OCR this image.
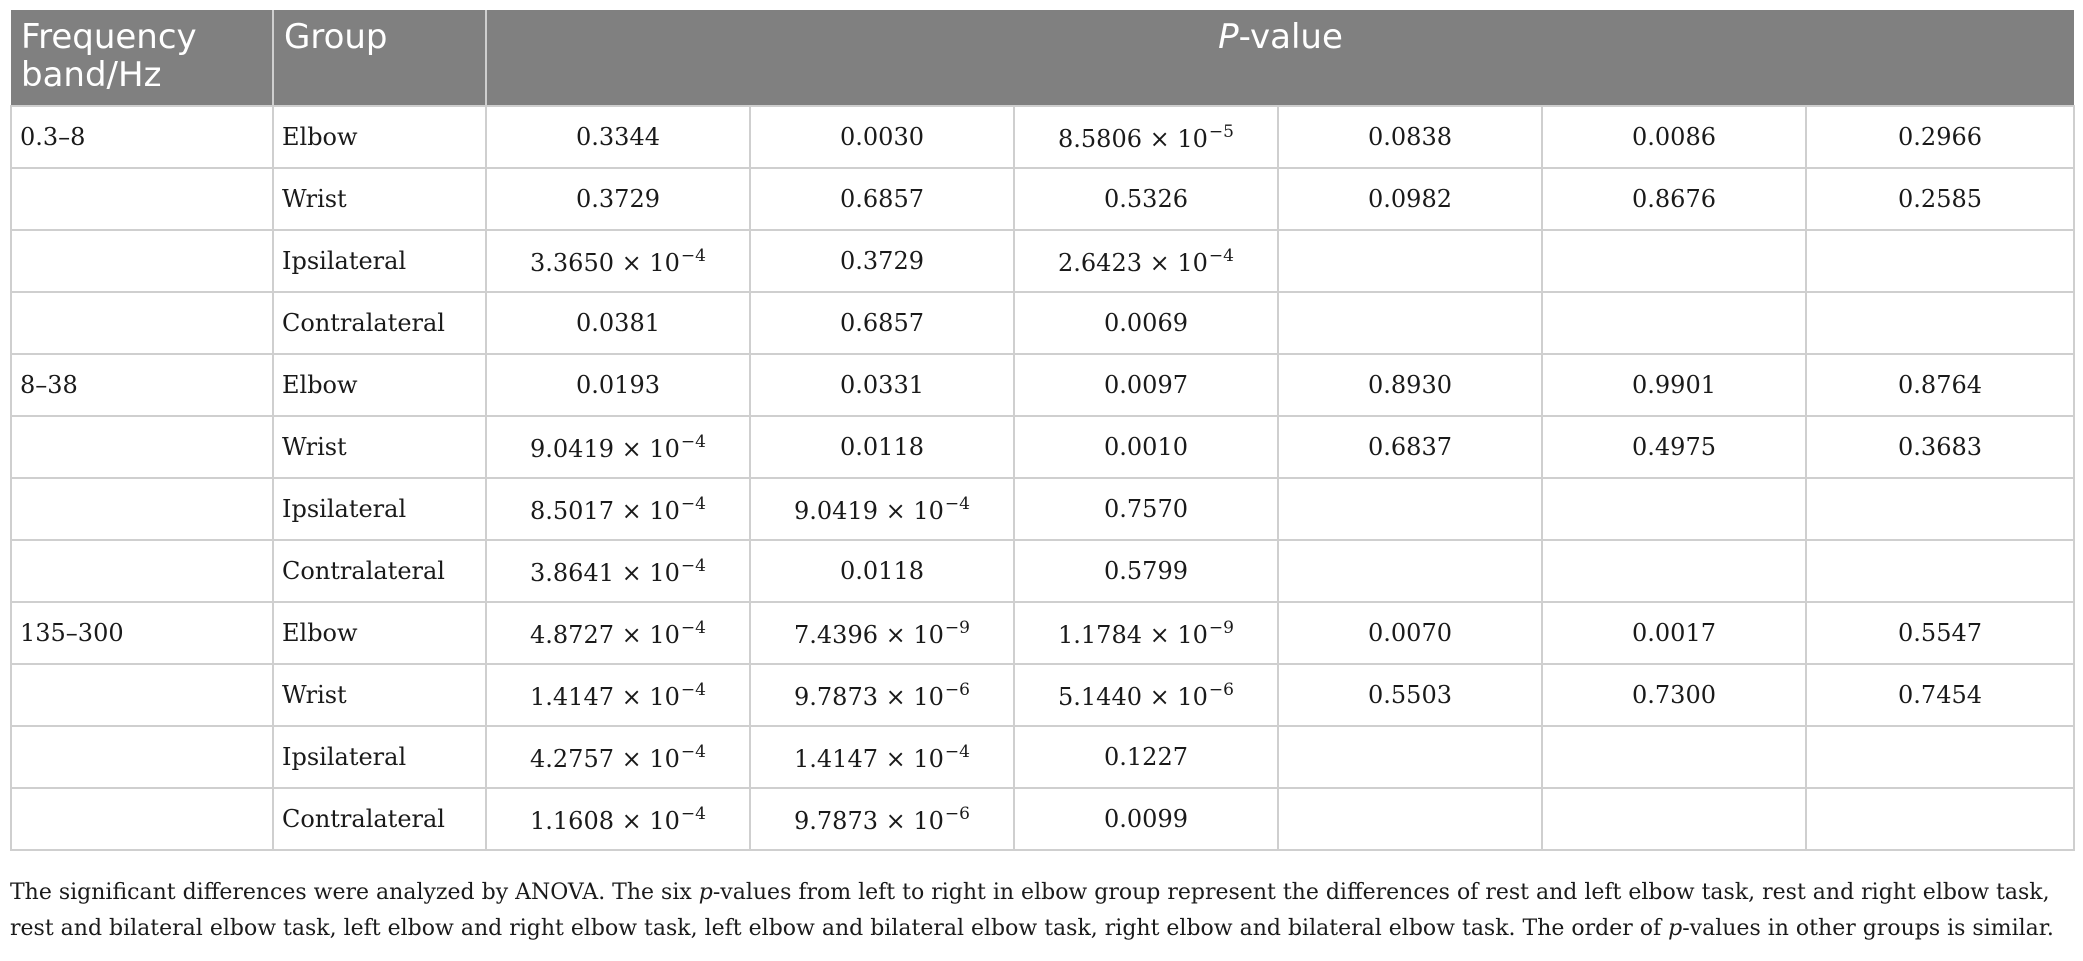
Frequency band/Hz	Group	P-value					
0.3–8	Elbow	0.3344	0.0030	$8.5806 \times 10^{-5}$	0.0838	0.0086	0.2966
	Wrist	0.3729	0.6857	0.5326	0.0982	0.8676	0.2585
	Ipsilateral	$3.3650 \times 10^{-4}$	0.3729	$2.6423 \times 10^{-4}$			
	Contralateral	0.0381	0.6857	0.0069			
8–38	Elbow	0.0193	0.0331	0.0097	0.8930	0.9901	0.8764
	Wrist	$9.0419 \times 10^{-4}$	0.0118	0.0010	0.6837	0.4975	0.3683
	Ipsilateral	$8.5017 \times 10^{-4}$	$9.0419 \times 10^{-4}$	0.7570			
	Contralateral	$3.8641 \times 10^{-4}$	0.0118	0.5799			
135–300	Elbow	$4.8727 \times 10^{-4}$	$7.4396 \times 10^{-9}$	$1.1784 \times 10^{-9}$	0.0070	0.0017	0.5547
	Wrist	$1.4147 \times 10^{-4}$	$9.7873 \times 10^{-6}$	$5.1440 \times 10^{-6}$	0.5503	0.7300	0.7454
	Ipsilateral	$4.2757 \times 10^{-4}$	$1.4147 \times 10^{-4}$	0.1227			
	Contralateral	$1.1608 \times 10^{-4}$	$9.7873 \times 10^{-6}$	0.0099			
The significant differences were analyzed by ANOVA. The six p-values from left to right in elbow group represent the differences of rest and left elbow task, rest and right elbow task, rest and bilateral elbow task, left elbow and right elbow task, left elbow and bilateral elbow task, right elbow and bilateral elbow task. The order of p-values in other groups is similar.
